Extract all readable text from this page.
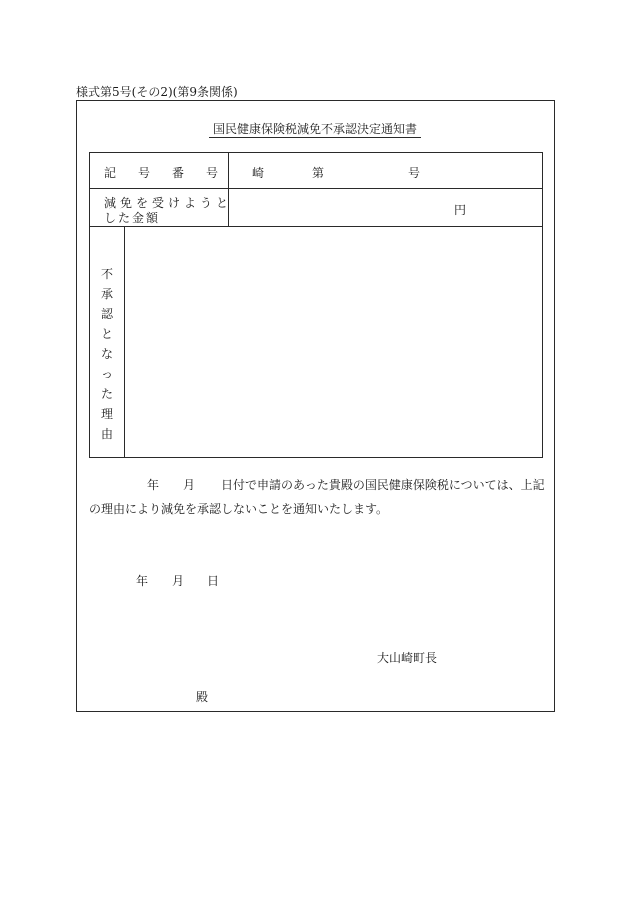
様式第5号(その2)(第9条関係)
国民健康保険税減免不承認決定通知書
記号番号 崎	第	号
減免を受けようと
した金額
円
不承認となった理由
年 月 日付で申請のあった貴殿の国民健康保険税については、上記
の理由により減免を承認しないことを通知いたします。
年 月 日
大山崎町長
殿
